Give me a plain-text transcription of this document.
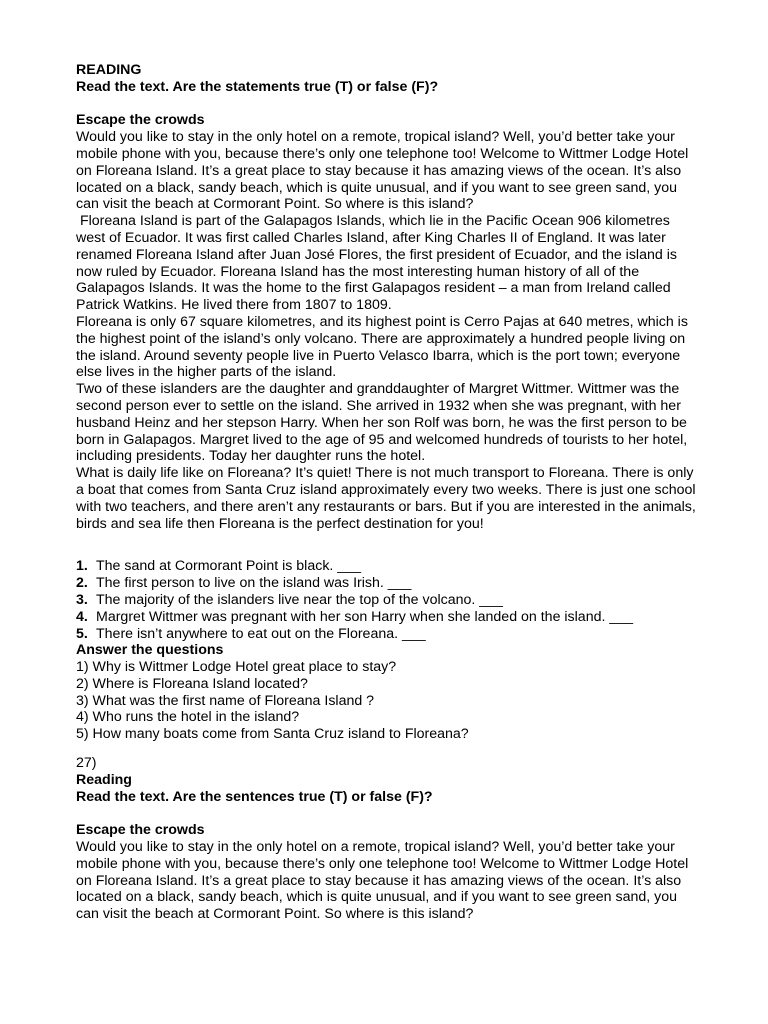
READING
Read the text. Are the statements true (T) or false (F)?
Escape the crowds
Would you like to stay in the only hotel on a remote, tropical island? Well, you’d better take your
mobile phone with you, because there’s only one telephone too! Welcome to Wittmer Lodge Hotel
on Floreana Island. It’s a great place to stay because it has amazing views of the ocean. It’s also
located on a black, sandy beach, which is quite unusual, and if you want to see green sand, you
can visit the beach at Cormorant Point. So where is this island?
Floreana Island is part of the Galapagos Islands, which lie in the Pacific Ocean 906 kilometres
west of Ecuador. It was first called Charles Island, after King Charles II of England. It was later
renamed Floreana Island after Juan José Flores, the first president of Ecuador, and the island is
now ruled by Ecuador. Floreana Island has the most interesting human history of all of the
Galapagos Islands. It was the home to the first Galapagos resident – a man from Ireland called
Patrick Watkins. He lived there from 1807 to 1809.
Floreana is only 67 square kilometres, and its highest point is Cerro Pajas at 640 metres, which is
the highest point of the island’s only volcano. There are approximately a hundred people living on
the island. Around seventy people live in Puerto Velasco Ibarra, which is the port town; everyone
else lives in the higher parts of the island.
Two of these islanders are the daughter and granddaughter of Margret Wittmer. Wittmer was the
second person ever to settle on the island. She arrived in 1932 when she was pregnant, with her
husband Heinz and her stepson Harry. When her son Rolf was born, he was the first person to be
born in Galapagos. Margret lived to the age of 95 and welcomed hundreds of tourists to her hotel,
including presidents. Today her daughter runs the hotel.
What is daily life like on Floreana? It’s quiet! There is not much transport to Floreana. There is only
a boat that comes from Santa Cruz island approximately every two weeks. There is just one school
with two teachers, and there aren’t any restaurants or bars. But if you are interested in the animals,
birds and sea life then Floreana is the perfect destination for you!
1. The sand at Cormorant Point is black. ___
2. The first person to live on the island was Irish. ___
3. The majority of the islanders live near the top of the volcano. ___
4. Margret Wittmer was pregnant with her son Harry when she landed on the island. ___
5. There isn’t anywhere to eat out on the Floreana. ___
Answer the questions
1) Why is Wittmer Lodge Hotel great place to stay?
2) Where is Floreana Island located?
3) What was the first name of Floreana Island ?
4) Who runs the hotel in the island?
5) How many boats come from Santa Cruz island to Floreana?
27)
Reading
Read the text. Are the sentences true (T) or false (F)?
Escape the crowds
Would you like to stay in the only hotel on a remote, tropical island? Well, you’d better take your
mobile phone with you, because there’s only one telephone too! Welcome to Wittmer Lodge Hotel
on Floreana Island. It’s a great place to stay because it has amazing views of the ocean. It’s also
located on a black, sandy beach, which is quite unusual, and if you want to see green sand, you
can visit the beach at Cormorant Point. So where is this island?
